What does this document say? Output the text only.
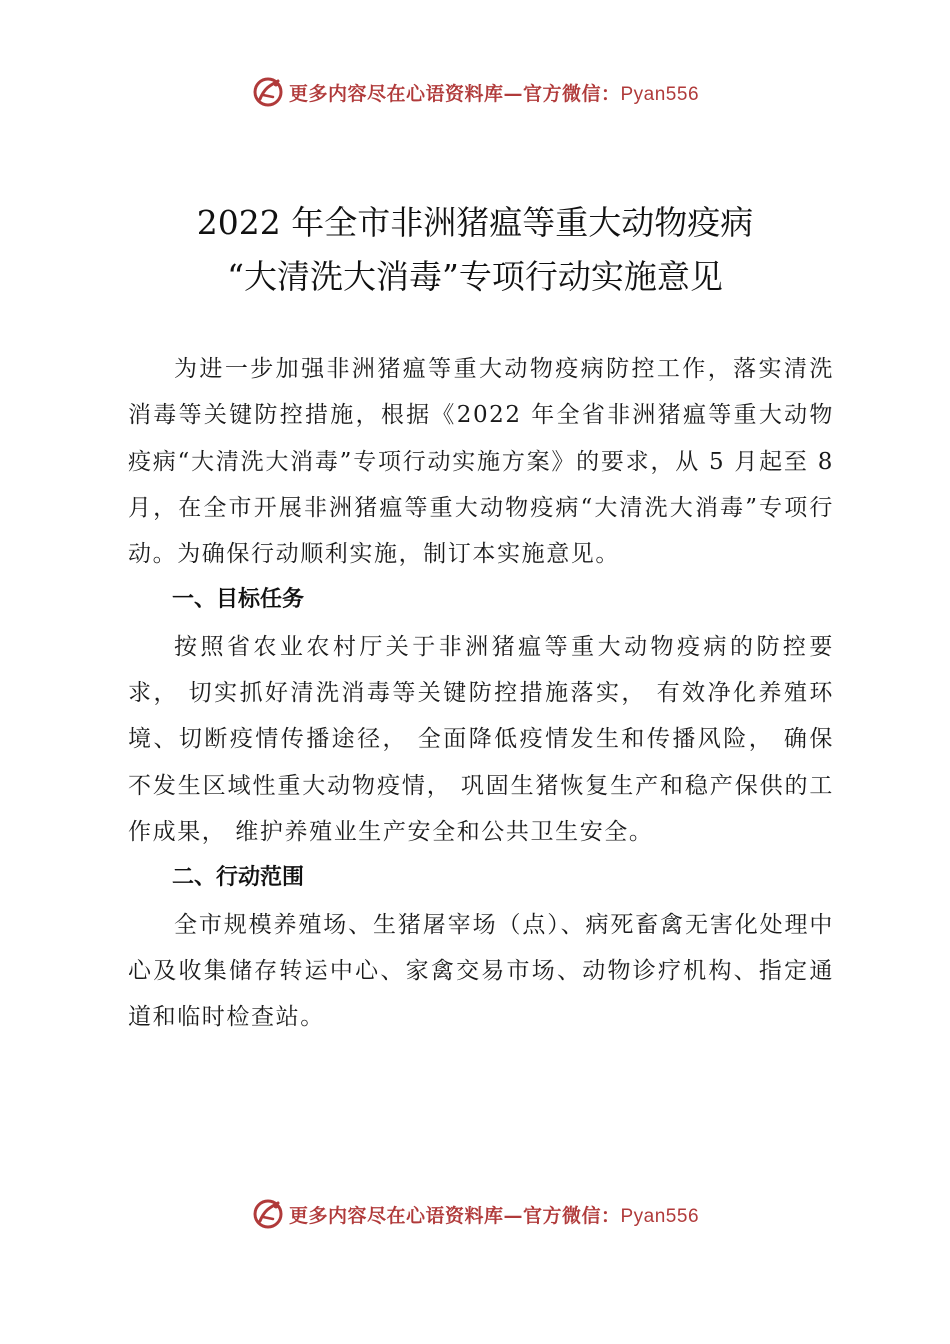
更多内容尽在心语资料库—官方微信：Pyan556
2022 年全市非洲猪瘟等重大动物疫病
“大清洗大消毒”专项行动实施意见

为进一步加强非洲猪瘟等重大动物疫病防控工作，落实清洗消毒等关键防控措施，根据《2022 年全省非洲猪瘟等重大动物疫病“大清洗大消毒”专项行动实施方案》的要求，从 5 月起至 8 月，在全市开展非洲猪瘟等重大动物疫病“大清洗大消毒”专项行动。为确保行动顺利实施，制订本实施意见。

一、目标任务

按照省农业农村厅关于非洲猪瘟等重大动物疫病的防控要求， 切实抓好清洗消毒等关键防控措施落实， 有效净化养殖环境、切断疫情传播途径， 全面降低疫情发生和传播风险， 确保不发生区域性重大动物疫情， 巩固生猪恢复生产和稳产保供的工作成果， 维护养殖业生产安全和公共卫生安全。

二、行动范围

全市规模养殖场、生猪屠宰场（点）、病死畜禽无害化处理中心及收集储存转运中心、家禽交易市场、动物诊疗机构、指定通道和临时检查站。

更多内容尽在心语资料库—官方微信：Pyan556
